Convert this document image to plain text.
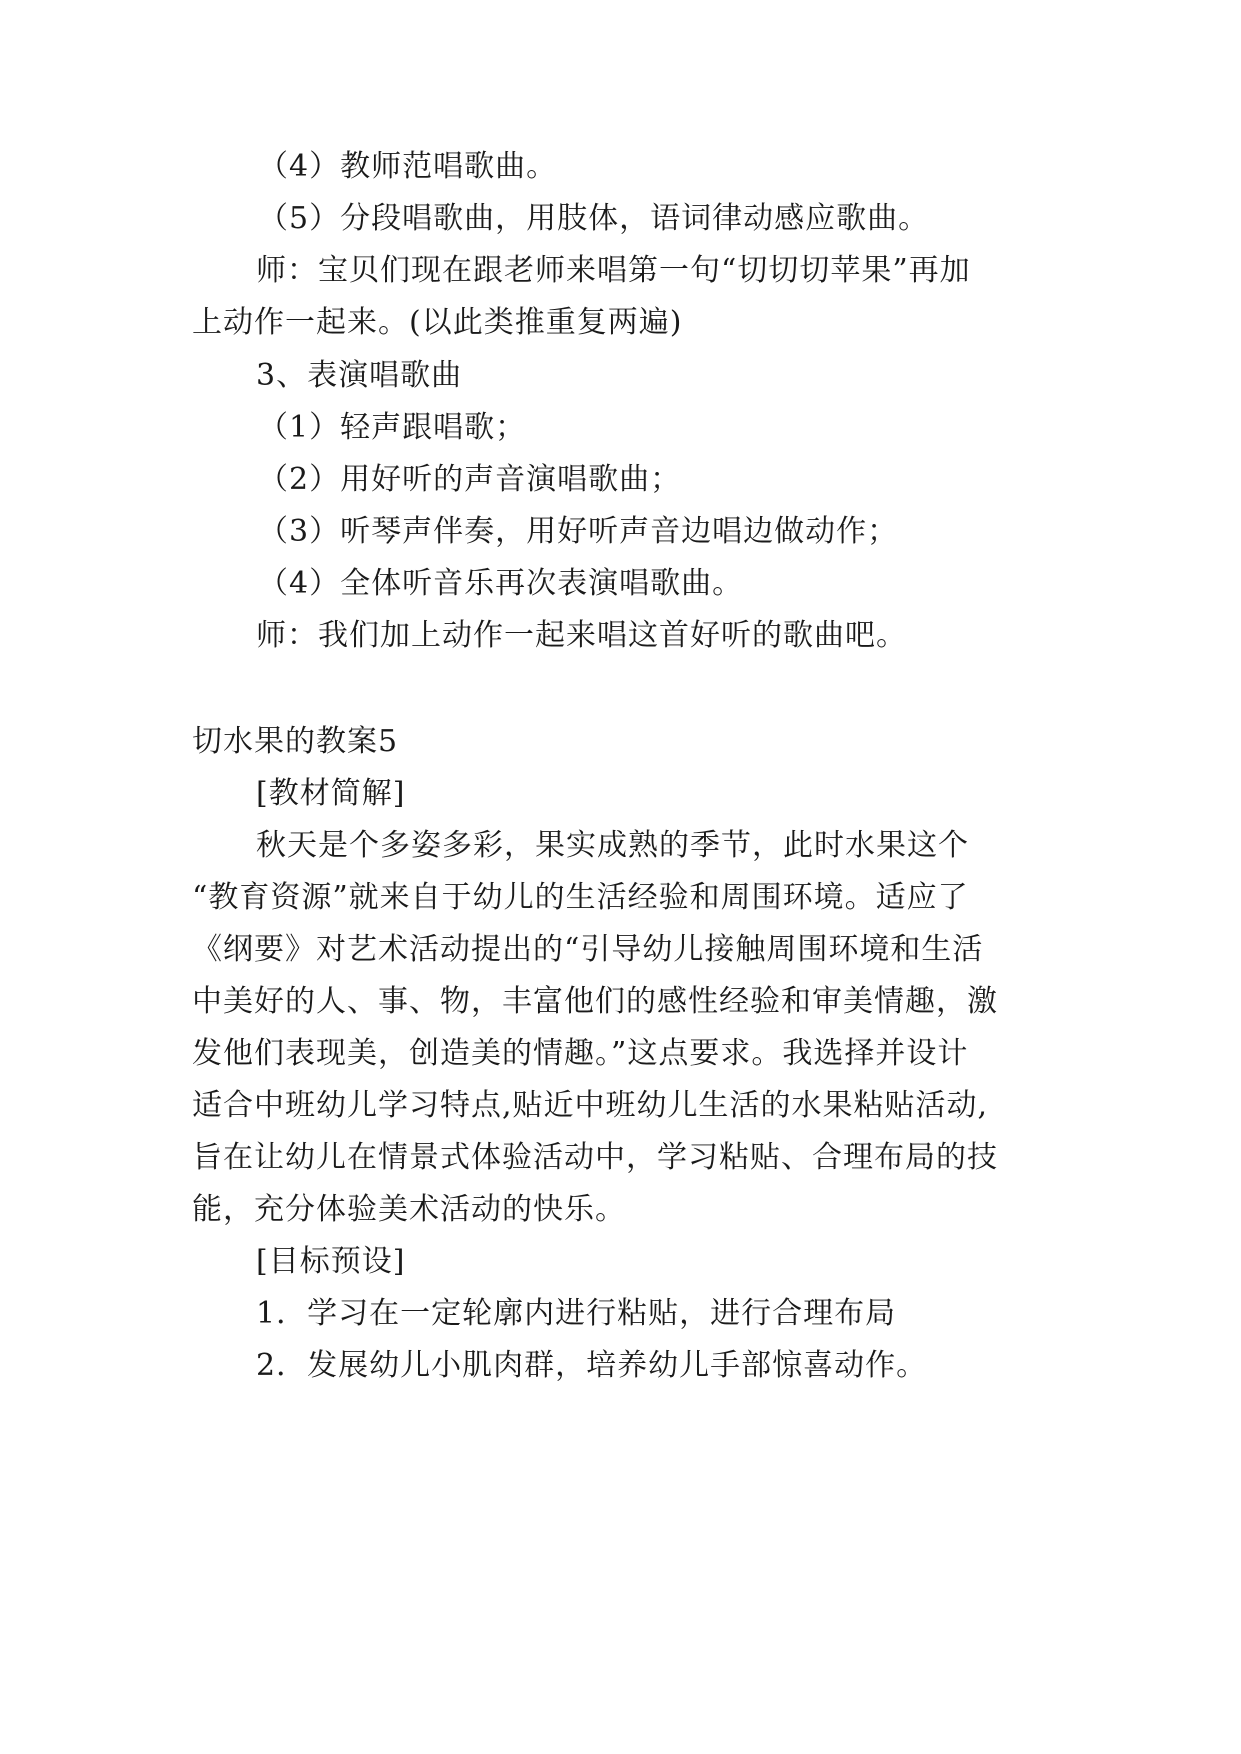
（4）教师范唱歌曲。
（5）分段唱歌曲，用肢体，语词律动感应歌曲。
师：宝贝们现在跟老师来唱第一句“切切切苹果”再加
上动作一起来。(以此类推重复两遍)
3、表演唱歌曲
（1）轻声跟唱歌；
（2）用好听的声音演唱歌曲；
（3）听琴声伴奏，用好听声音边唱边做动作；
（4）全体听音乐再次表演唱歌曲。
师：我们加上动作一起来唱这首好听的歌曲吧。
切水果的教案5
[教材简解]
秋天是个多姿多彩，果实成熟的季节，此时水果这个
“教育资源”就来自于幼儿的生活经验和周围环境。适应了
《纲要》对艺术活动提出的“引导幼儿接触周围环境和生活
中美好的人、事、物，丰富他们的感性经验和审美情趣，激
发他们表现美，创造美的情趣。”这点要求。我选择并设计
适合中班幼儿学习特点,贴近中班幼儿生活的水果粘贴活动,
旨在让幼儿在情景式体验活动中，学习粘贴、合理布局的技
能，充分体验美术活动的快乐。
[目标预设]
1．学习在一定轮廓内进行粘贴，进行合理布局
2．发展幼儿小肌肉群，培养幼儿手部惊喜动作。
